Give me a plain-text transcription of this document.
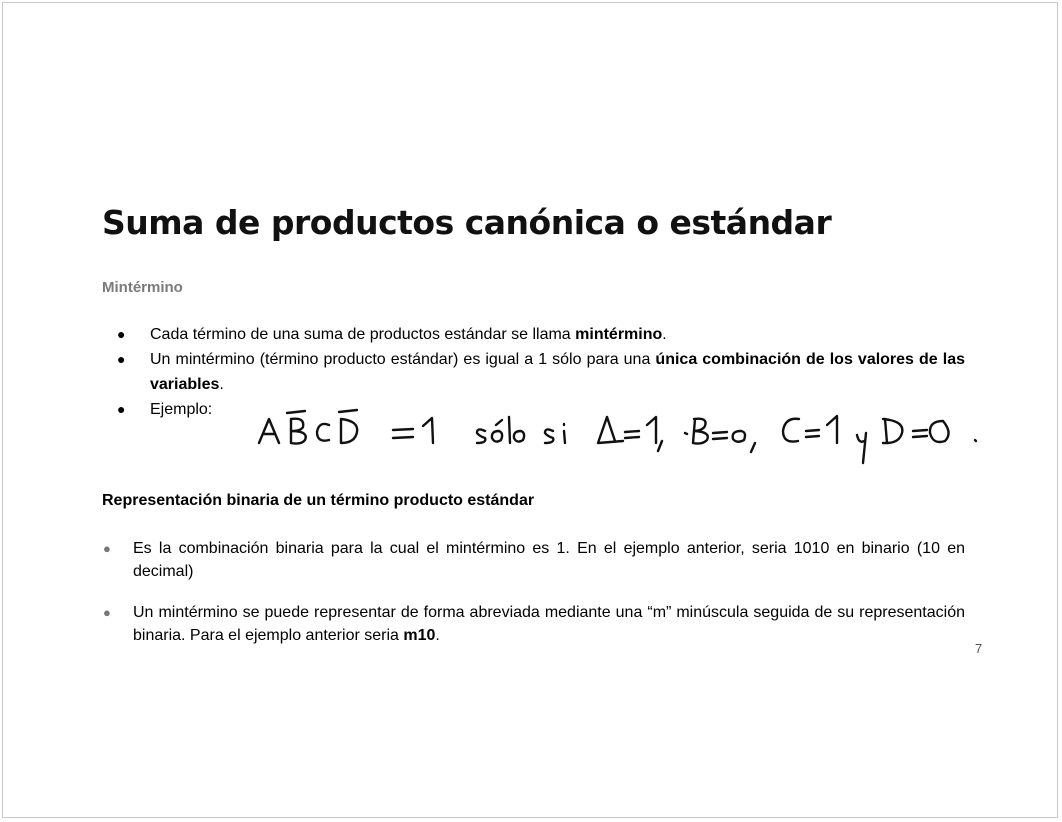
Suma de productos canónica o estándar
Mintérmino
● Cada término de una suma de productos estándar se llama mintérmino.
● Un mintérmino (término producto estándar) es igual a 1 sólo para una única combinación de los valores de las variables.
● Ejemplo:
Representación binaria de un término producto estándar
● Es la combinación binaria para la cual el mintérmino es 1. En el ejemplo anterior, seria 1010 en binario (10 en decimal)
● Un mintérmino se puede representar de forma abreviada mediante una “m” minúscula seguida de su representación binaria. Para el ejemplo anterior seria m10.
7
